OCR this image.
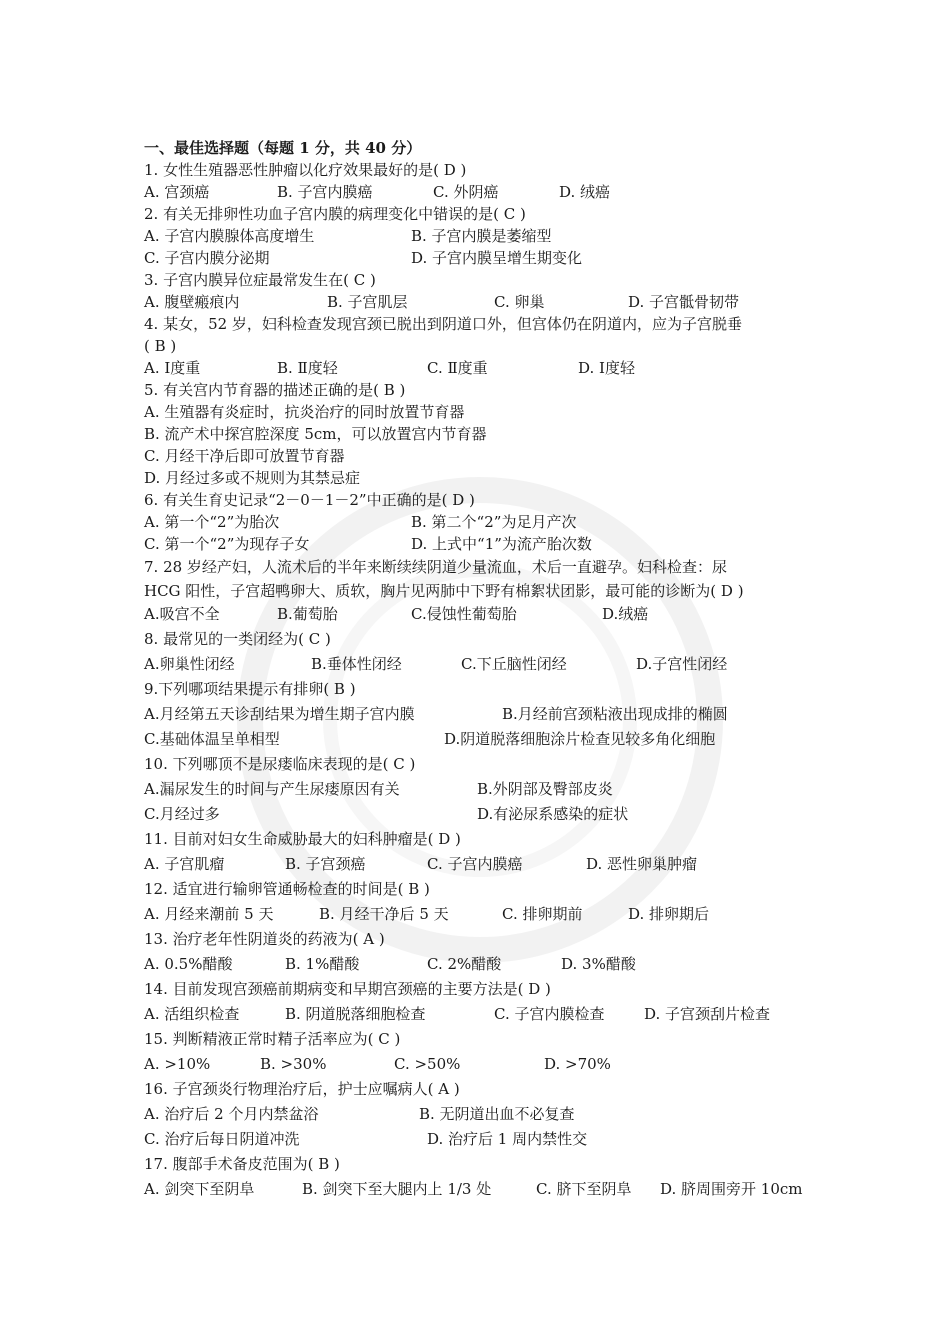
一、最佳选择题（每题 1 分，共 40 分）
1. 女性生殖器恶性肿瘤以化疗效果最好的是( D )
A. 宫颈癌	B. 子宫内膜癌	C. 外阴癌	D. 绒癌
2. 有关无排卵性功血子宫内膜的病理变化中错误的是( C )
A. 子宫内膜腺体高度增生	B. 子宫内膜是萎缩型
C. 子宫内膜分泌期	D. 子宫内膜呈增生期变化
3. 子宫内膜异位症最常发生在( C )
A. 腹壁瘢痕内	B. 子宫肌层	C. 卵巢	D. 子宫骶骨韧带
4. 某女，52 岁，妇科检查发现宫颈已脱出到阴道口外，但宫体仍在阴道内，应为子宫脱垂
( B )
A. Ⅰ度重	B. Ⅱ度轻	C. Ⅱ度重	D. Ⅰ度轻
5. 有关宫内节育器的描述正确的是( B )
A. 生殖器有炎症时，抗炎治疗的同时放置节育器
B. 流产术中探宫腔深度 5cm，可以放置宫内节育器
C. 月经干净后即可放置节育器
D. 月经过多或不规则为其禁忌症
6. 有关生育史记录“2－0－1－2”中正确的是( D )
A. 第一个“2”为胎次	B. 第二个“2”为足月产次
C. 第一个“2”为现存子女	D. 上式中“1”为流产胎次数
7. 28 岁经产妇，人流术后的半年来断续续阴道少量流血，术后一直避孕。妇科检查：尿
HCG 阳性，子宫超鸭卵大、质软，胸片见两肺中下野有棉絮状团影，最可能的诊断为( D )
A.吸宫不全	B.葡萄胎	C.侵蚀性葡萄胎	D.绒癌
8. 最常见的一类闭经为( C )
A.卵巢性闭经	B.垂体性闭经	C.下丘脑性闭经	D.子宫性闭经
9.下列哪项结果提示有排卵( B )
A.月经第五天诊刮结果为增生期子宫内膜	B.月经前宫颈粘液出现成排的椭圆
C.基础体温呈单相型	D.阴道脱落细胞涂片检查见较多角化细胞
10. 下列哪顶不是尿瘘临床表现的是( C )
A.漏尿发生的时间与产生尿瘘原因有关	B.外阴部及臀部皮炎
C.月经过多	D.有泌尿系感染的症状
11. 目前对妇女生命威胁最大的妇科肿瘤是( D )
A. 子宫肌瘤	B. 子宫颈癌	C. 子宫内膜癌	D. 恶性卵巢肿瘤
12. 适宜进行输卵管通畅检查的时间是( B )
A. 月经来潮前 5 天	B. 月经干净后 5 天	C. 排卵期前	D. 排卵期后
13. 治疗老年性阴道炎的药液为( A )
A. 0.5%醋酸	B. 1%醋酸	C. 2%醋酸	D. 3%醋酸
14. 目前发现宫颈癌前期病变和早期宫颈癌的主要方法是( D )
A. 活组织检查	B. 阴道脱落细胞检查	C. 子宫内膜检查	D. 子宫颈刮片检查
15. 判断精液正常时精子活率应为( C )
A. >10%	B. >30%	C. >50%	D. >70%
16. 子宫颈炎行物理治疗后，护士应嘱病人( A )
A. 治疗后 2 个月内禁盆浴	B. 无阴道出血不必复查
C. 治疗后每日阴道冲洗	D. 治疗后 1 周内禁性交
17. 腹部手术备皮范围为( B )
A. 剑突下至阴阜	B. 剑突下至大腿内上 1/3 处	C. 脐下至阴阜 D. 脐周围旁开 10cm
